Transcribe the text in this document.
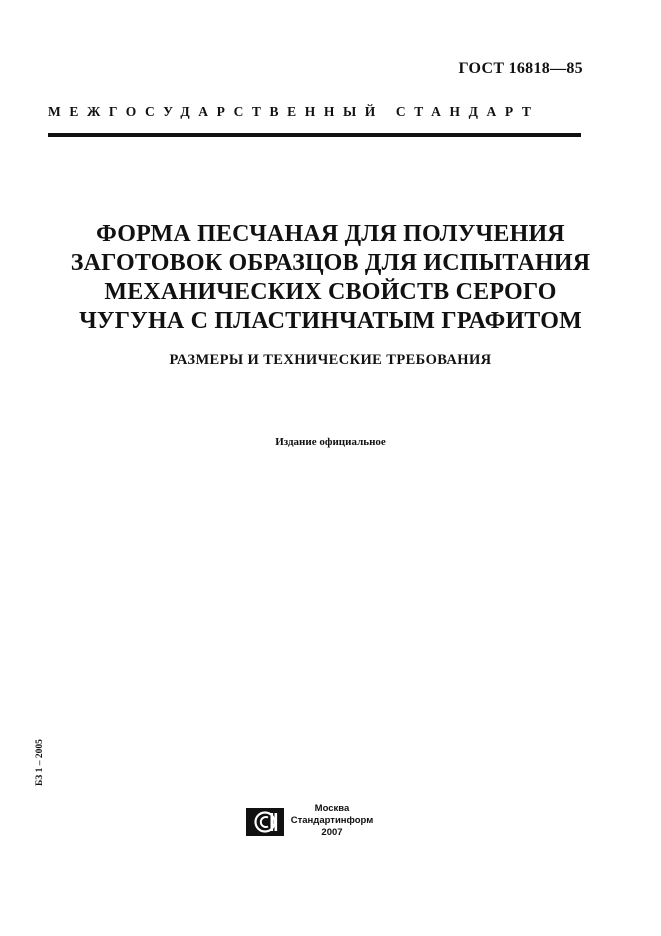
ГОСТ 16818—85
МЕЖГОСУДАРСТВЕННЫЙ СТАНДАРТ
ФОРМА ПЕСЧАНАЯ ДЛЯ ПОЛУЧЕНИЯ
ЗАГОТОВОК ОБРАЗЦОВ ДЛЯ ИСПЫТАНИЯ
МЕХАНИЧЕСКИХ СВОЙСТВ СЕРОГО
ЧУГУНА С ПЛАСТИНЧАТЫМ ГРАФИТОМ
РАЗМЕРЫ И ТЕХНИЧЕСКИЕ ТРЕБОВАНИЯ
Издание официальное
БЗ 1 – 2005
Москва
Стандартинформ
2007
